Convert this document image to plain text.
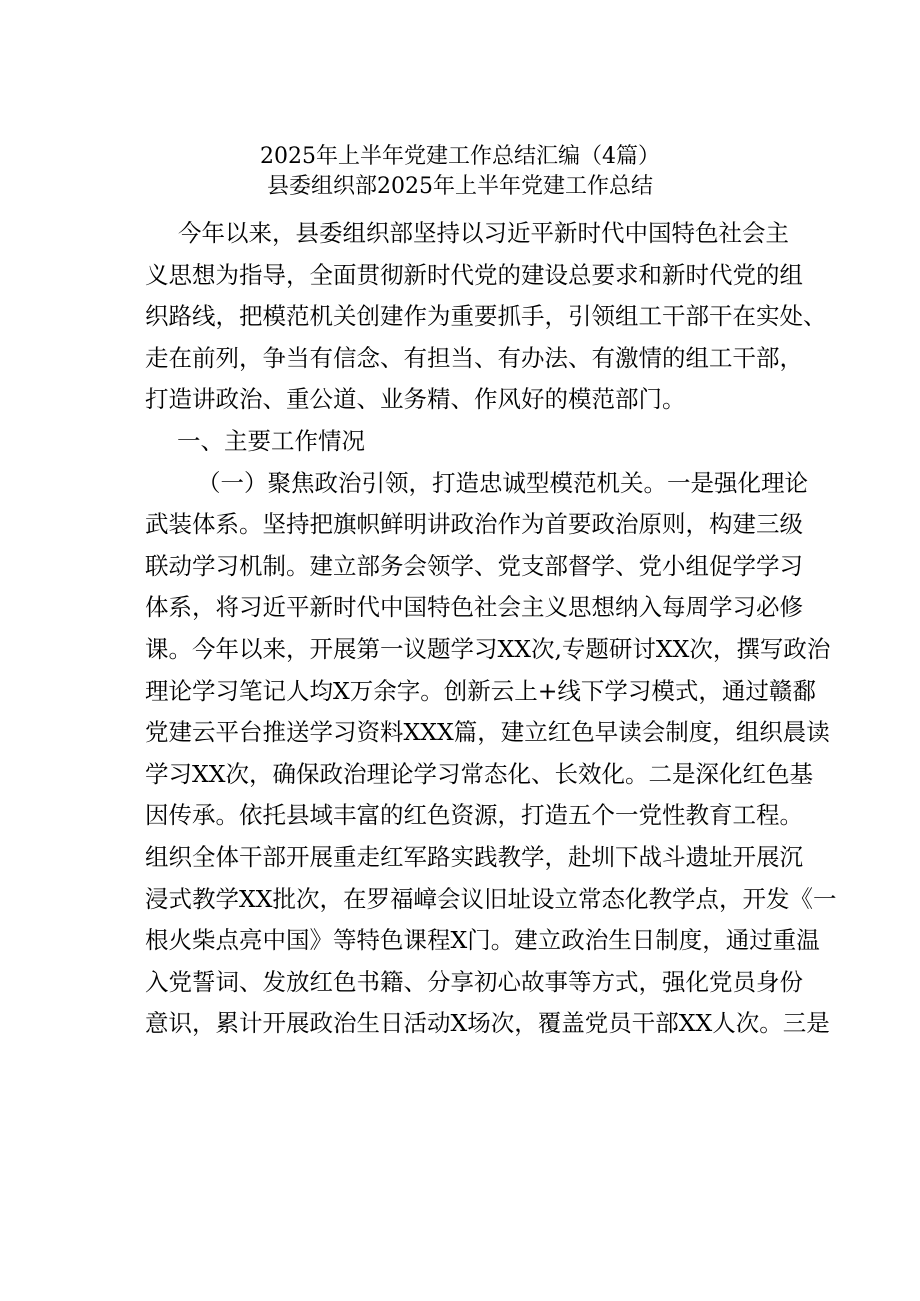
2025年上半年党建工作总结汇编（4篇）
县委组织部2025年上半年党建工作总结
今年以来，县委组织部坚持以习近平新时代中国特色社会主
义思想为指导，全面贯彻新时代党的建设总要求和新时代党的组
织路线，把模范机关创建作为重要抓手，引领组工干部干在实处、
走在前列，争当有信念、有担当、有办法、有激情的组工干部，
打造讲政治、重公道、业务精、作风好的模范部门。
一、主要工作情况
（一）聚焦政治引领，打造忠诚型模范机关。一是强化理论
武装体系。坚持把旗帜鲜明讲政治作为首要政治原则，构建三级
联动学习机制。建立部务会领学、党支部督学、党小组促学学习
体系，将习近平新时代中国特色社会主义思想纳入每周学习必修
课。今年以来，开展第一议题学习XX次,专题研讨XX次，撰写政治
理论学习笔记人均X万余字。创新云上+线下学习模式，通过赣鄱
党建云平台推送学习资料XXX篇，建立红色早读会制度，组织晨读
学习XX次，确保政治理论学习常态化、长效化。二是深化红色基
因传承。依托县域丰富的红色资源，打造五个一党性教育工程。
组织全体干部开展重走红军路实践教学，赴圳下战斗遗址开展沉
浸式教学XX批次，在罗福嶂会议旧址设立常态化教学点，开发《一
根火柴点亮中国》等特色课程X门。建立政治生日制度，通过重温
入党誓词、发放红色书籍、分享初心故事等方式，强化党员身份
意识，累计开展政治生日活动X场次，覆盖党员干部XX人次。三是
